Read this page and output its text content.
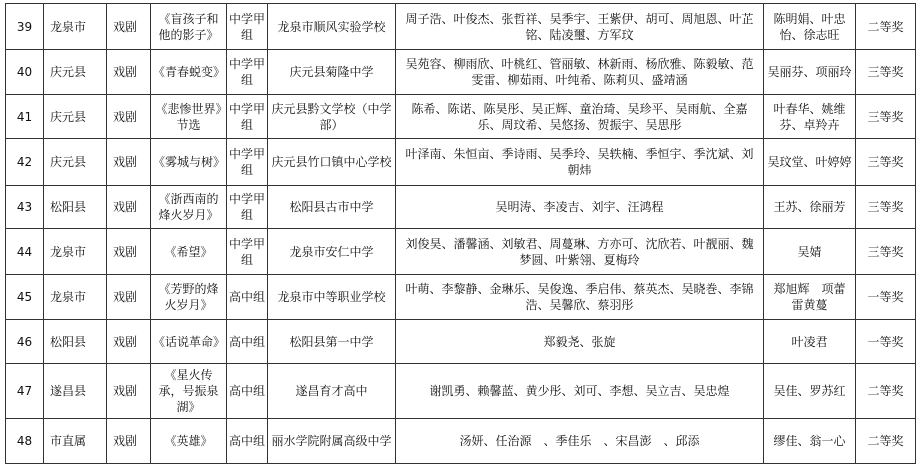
39	龙泉市	戏剧	《盲孩子和他的影子》	中学甲组	龙泉市顺风实验学校	周子浩、叶俊杰、张哲祥、吴季宇、王紫伊、胡可、周旭恩、叶芷铭、陆凌璽、方军玟	陈明娟、叶忠怡、徐志旺	二等奖
40	庆元县	戏剧	《青春蜕变》	中学甲组	庆元县菊隆中学	吴苑容、柳雨欣、叶桃红、管丽敏、林新雨、杨欣雅、陈毅敏、范雯雷、柳茹雨、叶纯希、陈莉贝、盛靖涵	吴丽芬、项丽玲	三等奖
41	庆元县	戏剧	《悲惨世界》节选	中学甲组	庆元县黔文学校（中学部）	陈希、陈诺、陈昊彤、吴正辉、童治琦、吴珍平、吴雨航、全嘉乐、周玟希、吴悠扬、贺振宇、吴思彤	叶春华、姚维芬、卓羚卉	三等奖
42	庆元县	戏剧	《雾城与树》	中学甲组	庆元县竹口镇中心学校	叶泽南、朱恒亩、季诗雨、吴季玲、吴轶楠、季恒宇、季沈斌、刘朝炜	吴玟堂、叶婷婷	三等奖
43	松阳县	戏剧	《浙西南的烽火岁月》	中学甲组	松阳县古市中学	吴明涛、李凌吉、刘宇、汪鸿程	王苏、徐丽芳	三等奖
44	龙泉市	戏剧	《希望》	中学甲组	龙泉市安仁中学	刘俊昊、潘馨涵、刘敏君、周蔓琳、方亦可、沈欣若、叶靓丽、魏梦圆、叶紫翎、夏梅玲	吴婧	三等奖
45	龙泉市	戏剧	《芳野的烽火岁月》	高中组	龙泉市中等职业学校	叶萌、李黎静、金琳乐、吴俊逸、季启伟、蔡英杰、吴晓巻、李锦浩、吴馨欣、蔡羽彤	郑旭辉　项蕾　雷黄蔓	一等奖
46	松阳县	戏剧	《话说革命》	高中组	松阳县第一中学	郑毅尧、张旋	叶凌君	一等奖
47	遂昌县	戏剧	《星火传承，号振泉湖》	高中组	遂昌育才高中	谢凯勇、赖馨蓝、黄少彤、刘可、李想、吴立吉、吴忠煌	吴佳、罗苏红	二等奖
48	市直属	戏剧	《英雄》	高中组	丽水学院附属高级中学	汤妍、任治源　、季佳乐　、宋昌澎　、邱添	缪佳、翁一心	二等奖
